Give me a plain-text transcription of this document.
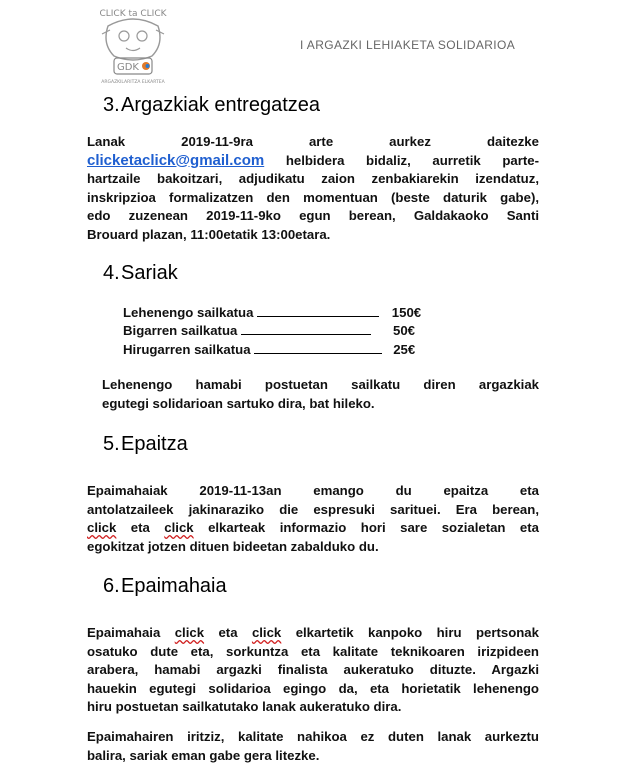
CLICK ta CLICK
GDK
ARGAZKILARITZA ELKARTEA
I ARGAZKI LEHIAKETA SOLIDARIOA
3.Argazkiak entregatzea
Lanak	2019-11-9ra	arte	aurkez	daitezke
clicketaclick@gmail.com helbidera bidaliz, aurretik parte-
hartzaile bakoitzari, adjudikatu zaion zenbakiarekin izendatuz,
inskripzioa formalizatzen den momentuan (beste daturik gabe),
edo zuzenean 2019-11-9ko egun berean, Galdakaoko Santi
Brouard plazan, 11:00etatik 13:00etara.
4.Sariak
Lehenengo sailkatua	150€
Bigarren sailkatua	50€
Hirugarren sailkatua	25€
Lehenengo hamabi postuetan sailkatu diren argazkiak
egutegi solidarioan sartuko dira, bat hileko.
5.Epaitza
Epaimahaiak 2019-11-13an emango du epaitza eta
antolatzaileek jakinaraziko die espresuki sarituei. Era berean,
click eta click elkarteak informazio hori sare sozialetan eta
egokitzat jotzen dituen bideetan zabalduko du.
6.Epaimahaia
Epaimahaia click eta click elkartetik kanpoko hiru pertsonak
osatuko dute eta, sorkuntza eta kalitate teknikoaren irizpideen
arabera, hamabi argazki finalista aukeratuko dituzte. Argazki
hauekin egutegi solidarioa egingo da, eta horietatik lehenengo
hiru postuetan sailkatutako lanak aukeratuko dira.
Epaimahairen iritziz, kalitate nahikoa ez duten lanak aurkeztu
balira, sariak eman gabe gera litezke.
